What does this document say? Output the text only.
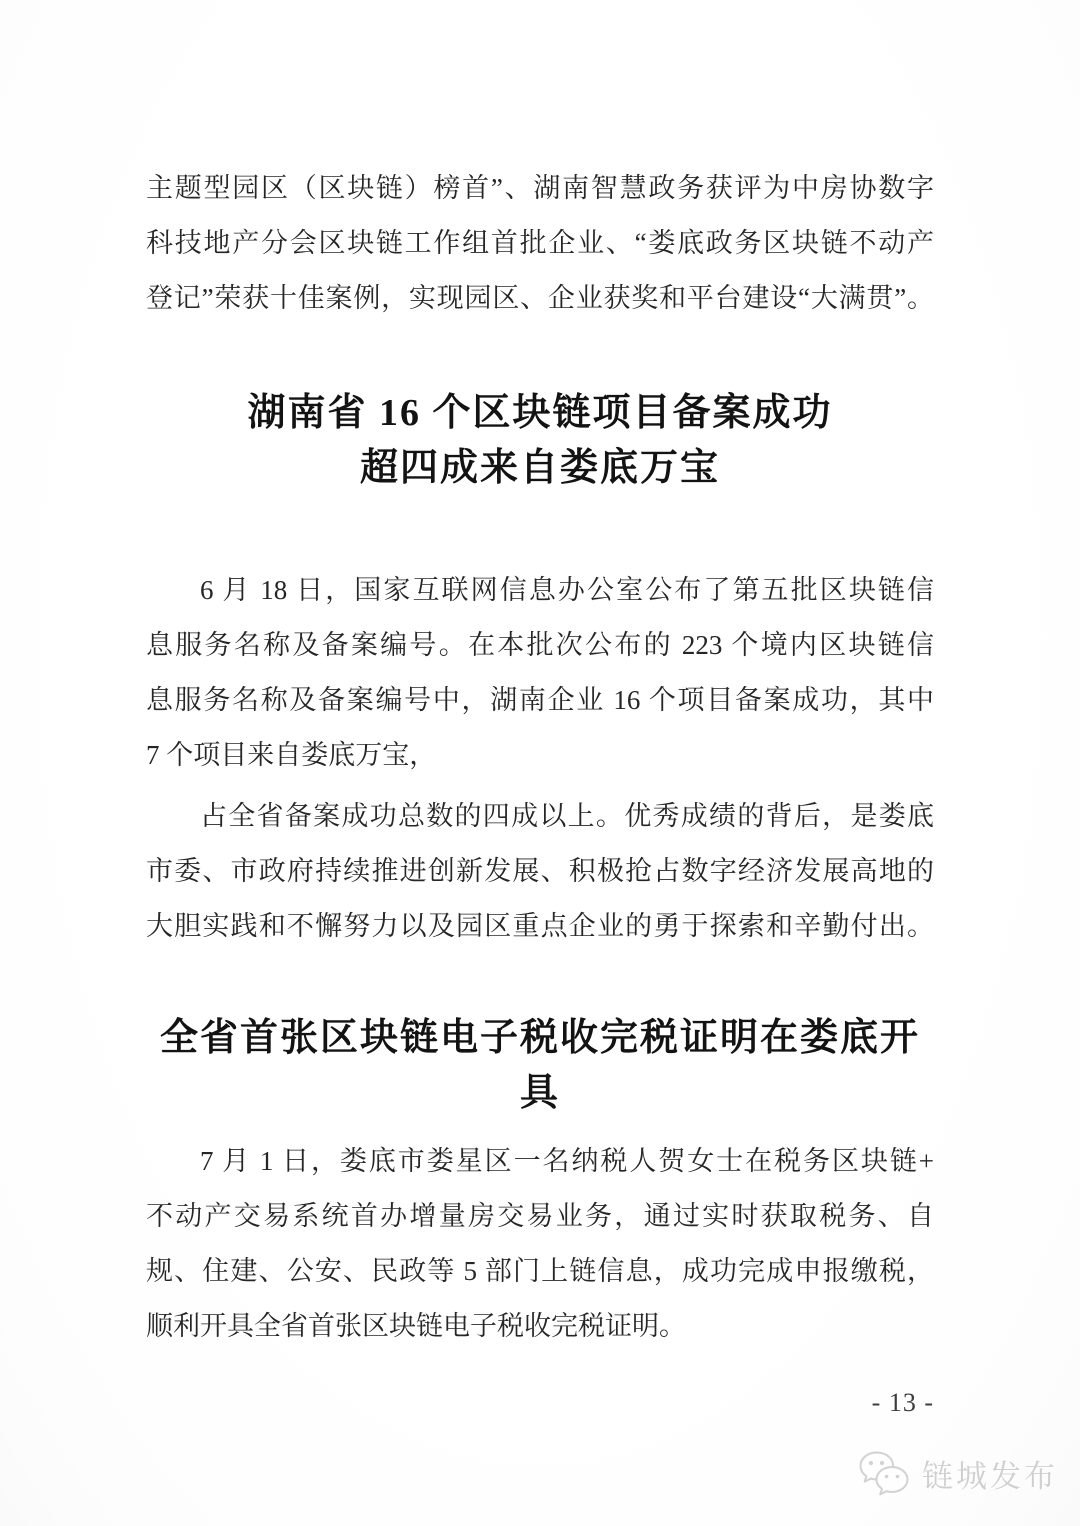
主题型园区（区块链）榜首”、湖南智慧政务获评为中房协数字
科技地产分会区块链工作组首批企业、“娄底政务区块链不动产
登记”荣获十佳案例，实现园区、企业获奖和平台建设“大满贯”。
湖南省 16 个区块链项目备案成功
超四成来自娄底万宝
6 月 18 日，国家互联网信息办公室公布了第五批区块链信
息服务名称及备案编号。在本批次公布的 223 个境内区块链信
息服务名称及备案编号中，湖南企业 16 个项目备案成功，其中
7 个项目来自娄底万宝，
占全省备案成功总数的四成以上。优秀成绩的背后，是娄底
市委、市政府持续推进创新发展、积极抢占数字经济发展高地的
大胆实践和不懈努力以及园区重点企业的勇于探索和辛勤付出。
全省首张区块链电子税收完税证明在娄底开具
7 月 1 日，娄底市娄星区一名纳税人贺女士在税务区块链+
不动产交易系统首办增量房交易业务，通过实时获取税务、自
规、住建、公安、民政等 5 部门上链信息，成功完成申报缴税，
顺利开具全省首张区块链电子税收完税证明。
- 13 -
链城发布
